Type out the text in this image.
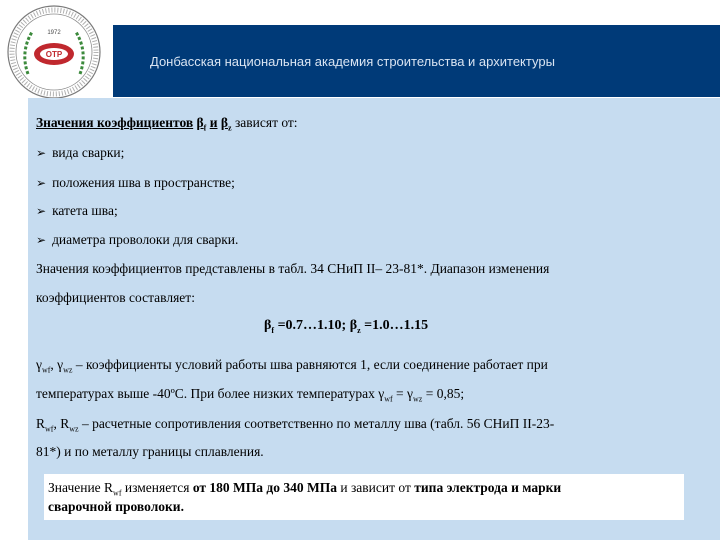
Донбасская национальная академия строительства и архитектуры
ОТР
1972
Значения коэффициентов $\beta_f$ и $\beta_z$ зависят от:
➢ вида сварки;
➢ положения шва в пространстве;
➢ катета шва;
➢ диаметра проволоки для сварки.
Значения коэффициентов представлены в табл. 34 СНиП II– 23-81*. Диапазон изменения
коэффициентов составляет:
$\beta_f$ =0.7…1.10; $\beta_z$ =1.0…1.15
$\gamma_{wf}$, $\gamma_{wz}$ – коэффициенты условий работы шва равняются 1, если соединение работает при
температурах выше -40ºС. При более низких температурах $\gamma_{wf} = \gamma_{wz} = 0,85$;
$R_{wf}$, $R_{wz}$ – расчетные сопротивления соответственно по металлу шва (табл. 56 СНиП II-23-
81*) и по металлу границы сплавления.
Значение $R_{wf}$ изменяется от 180 МПа до 340 МПа и зависит от типа электрода и марки
сварочной проволоки.
